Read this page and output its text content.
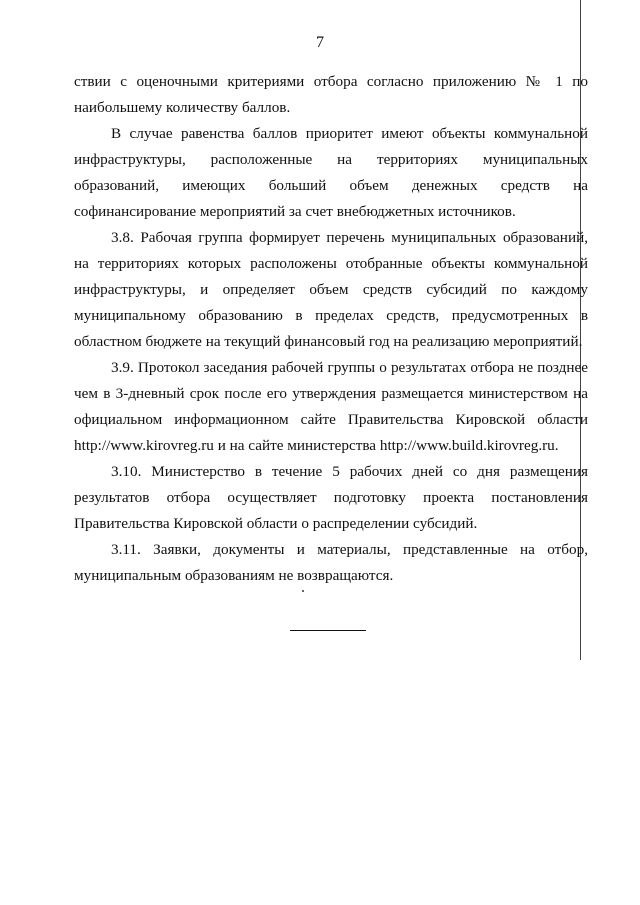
7

ствии с оценочными критериями отбора согласно приложению № 1 по наибольшему количеству баллов.

В случае равенства баллов приоритет имеют объекты коммунальной инфраструктуры, расположенные на территориях муниципальных образований, имеющих больший объем денежных средств на софинансирование мероприятий за счет внебюджетных источников.

3.8. Рабочая группа формирует перечень муниципальных образований, на территориях которых расположены отобранные объекты коммунальной инфраструктуры, и определяет объем средств субсидий по каждому муниципальному образованию в пределах средств, предусмотренных в областном бюджете на текущий финансовый год на реализацию мероприятий.

3.9. Протокол заседания рабочей группы о результатах отбора не позднее чем в 3-дневный срок после его утверждения размещается министерством на официальном информационном сайте Правительства Кировской области http://www.kirovreg.ru и на сайте министерства http://www.build.kirovreg.ru.

3.10. Министерство в течение 5 рабочих дней со дня размещения результатов отбора осуществляет подготовку проекта постановления Правительства Кировской области о распределении субсидий.

3.11. Заявки, документы и материалы, представленные на отбор, муниципальным образованиям не возвращаются.
